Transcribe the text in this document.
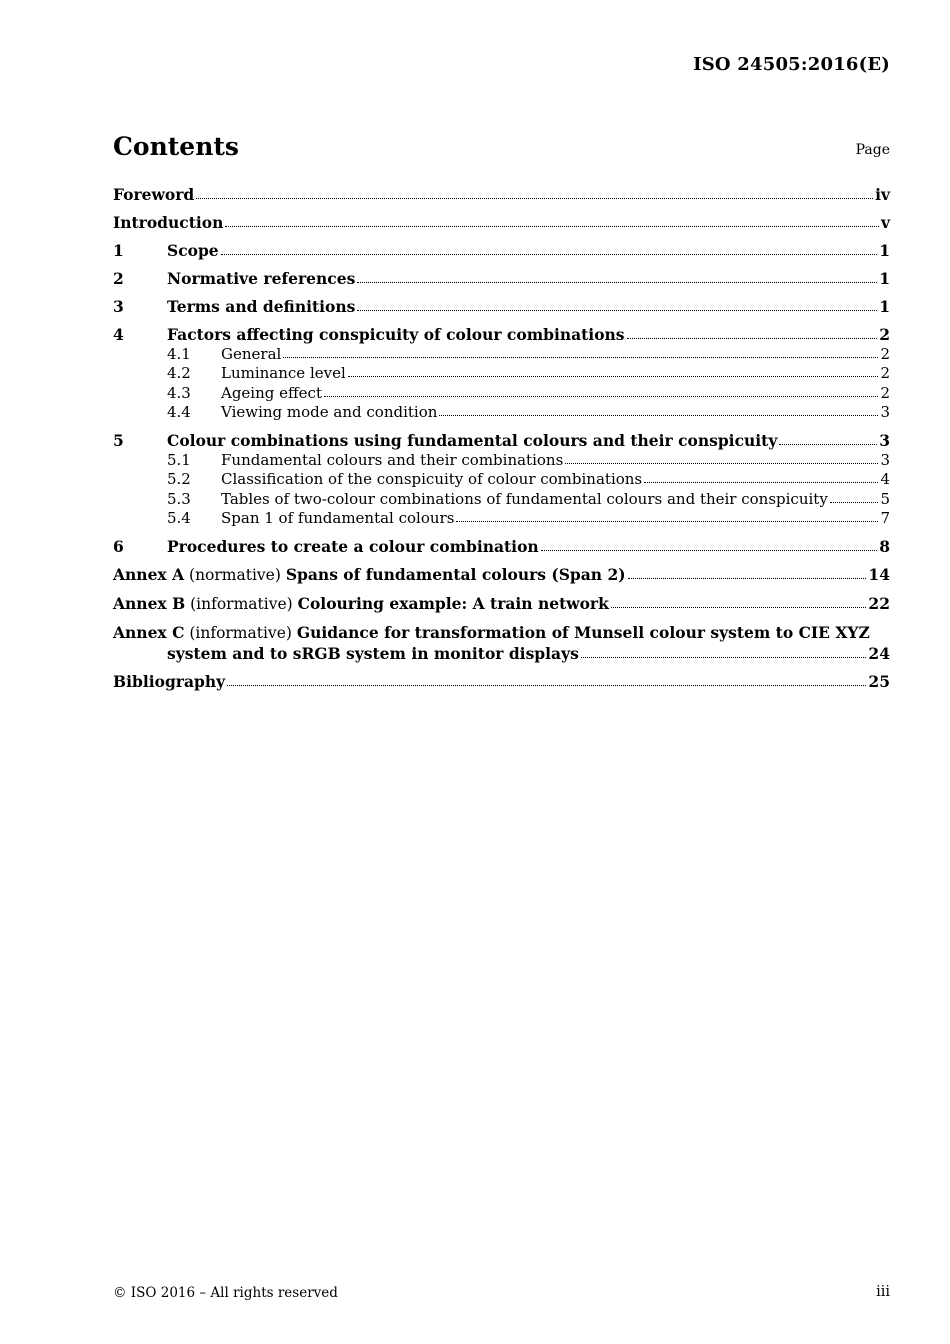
ISO 24505:2016(E)
Contents	Page
Foreword	iv
Introduction	v
1	Scope	1
2	Normative references	1
3	Terms and definitions	1
4	Factors affecting conspicuity of colour combinations	2
4.1	General	2
4.2	Luminance level	2
4.3	Ageing effect	2
4.4	Viewing mode and condition	3
5	Colour combinations using fundamental colours and their conspicuity	3
5.1	Fundamental colours and their combinations	3
5.2	Classification of the conspicuity of colour combinations	4
5.3	Tables of two-colour combinations of fundamental colours and their conspicuity	5
5.4	Span 1 of fundamental colours	7
6	Procedures to create a colour combination	8
Annex A (normative) Spans of fundamental colours (Span 2)	14
Annex B (informative) Colouring example: A train network	22
Annex C (informative) Guidance for transformation of Munsell colour system to CIE XYZ
system and to sRGB system in monitor displays	24
Bibliography	25
© ISO 2016 – All rights reserved	iii
